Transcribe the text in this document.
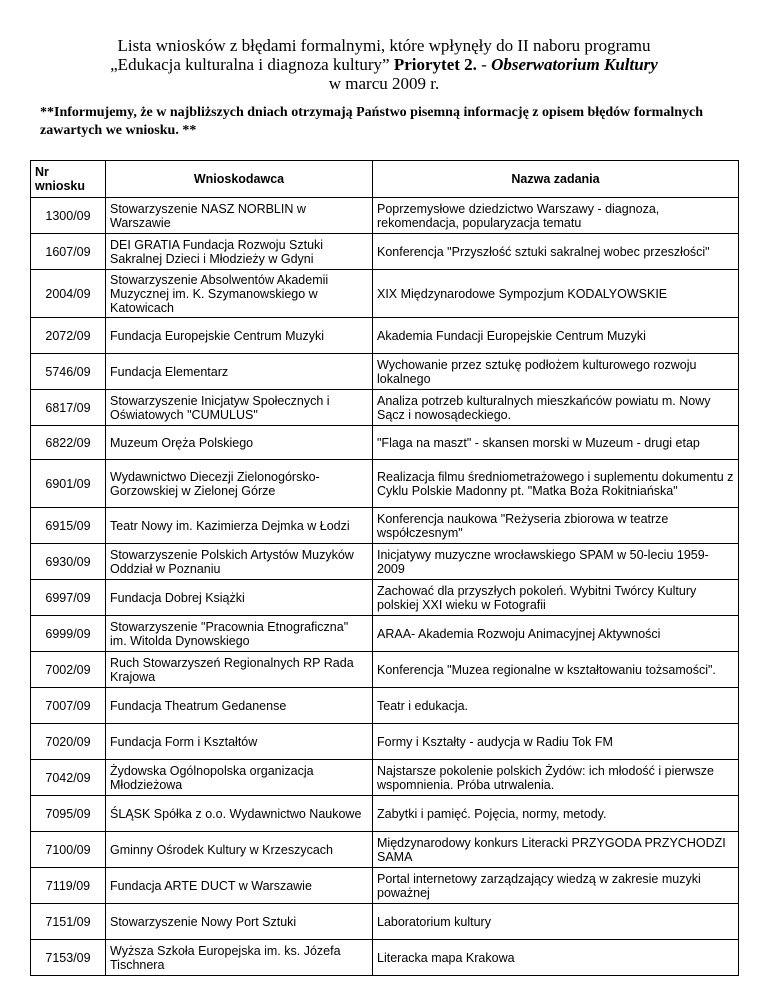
Lista wniosków z błędami formalnymi, które wpłynęły do II naboru programu
„Edukacja kulturalna i diagnoza kultury” Priorytet 2. - Obserwatorium Kultury
w marcu 2009 r.
**Informujemy, że w najbliższych dniach otrzymają Państwo pisemną informację z opisem błędów formalnych zawartych we wniosku. **
Nr wniosku	Wnioskodawca	Nazwa zadania
1300/09	Stowarzyszenie NASZ NORBLIN w Warszawie	Poprzemysłowe dziedzictwo Warszawy - diagnoza, rekomendacja, popularyzacja tematu
1607/09	DEI GRATIA Fundacja Rozwoju Sztuki Sakralnej Dzieci i Młodzieży w Gdyni	Konferencja "Przyszłość sztuki sakralnej wobec przeszłości"
2004/09	Stowarzyszenie Absolwentów Akademii Muzycznej im. K. Szymanowskiego w Katowicach	XIX Międzynarodowe Sympozjum KODALYOWSKIE
2072/09	Fundacja Europejskie Centrum Muzyki	Akademia Fundacji Europejskie Centrum Muzyki
5746/09	Fundacja Elementarz	Wychowanie przez sztukę podłożem kulturowego rozwoju lokalnego
6817/09	Stowarzyszenie Inicjatyw Społecznych i Oświatowych "CUMULUS"	Analiza potrzeb kulturalnych mieszkańców powiatu m. Nowy Sącz i nowosądeckiego.
6822/09	Muzeum Oręża Polskiego	"Flaga na maszt" - skansen morski w Muzeum - drugi etap
6901/09	Wydawnictwo Diecezji Zielonogórsko-Gorzowskiej w Zielonej Górze	Realizacja filmu średniometrażowego i suplementu dokumentu z Cyklu Polskie Madonny pt. "Matka Boża Rokitniańska"
6915/09	Teatr Nowy im. Kazimierza Dejmka w Łodzi	Konferencja naukowa "Reżyseria zbiorowa w teatrze współczesnym"
6930/09	Stowarzyszenie Polskich Artystów Muzyków Oddział w Poznaniu	Inicjatywy muzyczne wrocławskiego SPAM w 50-leciu 1959-2009
6997/09	Fundacja Dobrej Książki	Zachować dla przyszłych pokoleń. Wybitni Twórcy Kultury polskiej XXI wieku w Fotografii
6999/09	Stowarzyszenie "Pracownia Etnograficzna" im. Witolda Dynowskiego	ARAA- Akademia Rozwoju Animacyjnej Aktywności
7002/09	Ruch Stowarzyszeń Regionalnych RP Rada Krajowa	Konferencja "Muzea regionalne w kształtowaniu tożsamości".
7007/09	Fundacja Theatrum Gedanense	Teatr i edukacja.
7020/09	Fundacja Form i Kształtów	Formy i Kształty - audycja w Radiu Tok FM
7042/09	Żydowska Ogólnopolska organizacja Młodzieżowa	Najstarsze pokolenie polskich Żydów: ich młodość i pierwsze wspomnienia. Próba utrwalenia.
7095/09	ŚLĄSK Spółka z o.o. Wydawnictwo Naukowe	Zabytki i pamięć. Pojęcia, normy, metody.
7100/09	Gminny Ośrodek Kultury w Krzeszycach	Międzynarodowy konkurs Literacki PRZYGODA PRZYCHODZI SAMA
7119/09	Fundacja ARTE DUCT w Warszawie	Portal internetowy zarządzający wiedzą w zakresie muzyki poważnej
7151/09	Stowarzyszenie Nowy Port Sztuki	Laboratorium kultury
7153/09	Wyższa Szkoła Europejska im. ks. Józefa Tischnera	Literacka mapa Krakowa
